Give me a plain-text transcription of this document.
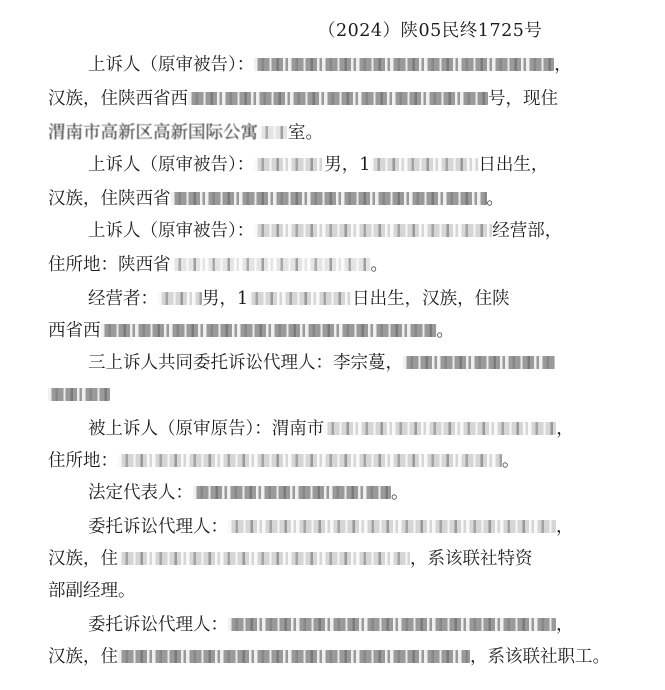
（2024）陕05民终1725号
上诉人（原审被告）：	，
汉族，住陕西省西	号，现住
渭南市高新区高新国际公寓 室。
上诉人（原审被告）：	男，1	日出生，
汉族，住陕西省	。
上诉人（原审被告）：	经营部，
住所地：陕西省	。
经营者：	男，1	日出生，汉族，住陕
西省西	。
三上诉人共同委托诉讼代理人：李宗蔓，
被上诉人（原审原告）：渭南市	，
住所地：	。
法定代表人：	。
委托诉讼代理人：	，
汉族，住	，系该联社特资
部副经理。
委托诉讼代理人：	，
汉族，住	，系该联社职工。
